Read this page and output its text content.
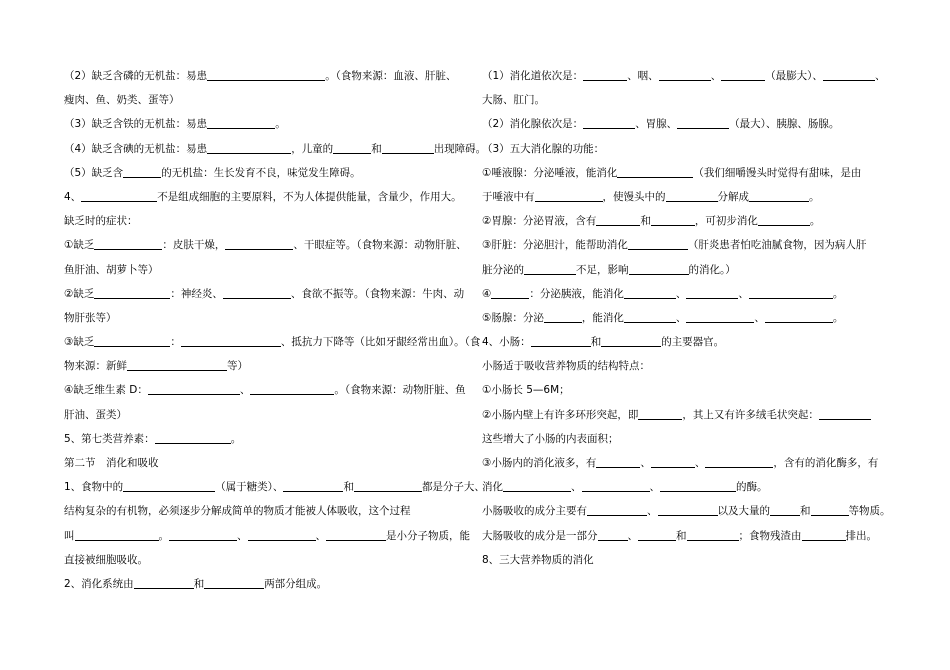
（2）缺乏含磷的无机盐：易患	。（食物来源：血液、肝脏、
瘦肉、鱼、奶类、蛋等）
（3）缺乏含铁的无机盐：易患	。
（4）缺乏含碘的无机盐：易患	，儿童的	和	出现障碍。
（5）缺乏含	的无机盐：生长发育不良，味觉发生障碍。
4、	不是组成细胞的主要原料，不为人体提供能量，含量少，作用大。
缺乏时的症状：
①缺乏	：皮肤干燥，	、干眼症等。（食物来源：动物肝脏、
鱼肝油、胡萝卜等）
②缺乏	：神经炎、	、食欲不振等。（食物来源：牛肉、动
物肝张等）
③缺乏	：	、抵抗力下降等（比如牙龈经常出血）。（食
物来源：新鲜	等）
④缺乏维生素 D：	、	。（食物来源：动物肝脏、鱼
肝油、蛋类）
5、第七类营养素：	。
第二节　消化和吸收
1、食物中的	（属于糖类）、	和	都是分子大、
结构复杂的有机物，必须逐步分解成简单的物质才能被人体吸收，这个过程
叫	。	、	、	是小分子物质，能
直接被细胞吸收。
2、消化系统由	和	两部分组成。
（1）消化道依次是：	、咽、	、	（最膨大）、	、
大肠、肛门。
（2）消化腺依次是：	、胃腺、	（最大）、胰腺、肠腺。
（3）五大消化腺的功能：
①唾液腺：分泌唾液，能消化	（我们细嚼馒头时觉得有甜味，是由
于唾液中有	，使馒头中的	分解成	。
②胃腺：分泌胃液，含有	和	，可初步消化	。
③肝脏：分泌胆汁，能帮助消化	（肝炎患者怕吃油腻食物，因为病人肝
脏分泌的	不足，影响	的消化。）
④	：分泌胰液，能消化	、	、	。
⑤肠腺：分泌	，能消化	、	、	。
4、小肠：	和	的主要器官。
小肠适于吸收营养物质的结构特点：
①小肠长 5—6M；
②小肠内壁上有许多环形突起，即	，其上又有许多绒毛状突起：
这些增大了小肠的内表面积；
③小肠内的消化液多，有	、	、	，含有的消化酶多，有
消化	、	、	的酶。
小肠吸收的成分主要有	、	以及大量的	和	等物质。
大肠吸收的成分是一部分	、	和	；食物残渣由	排出。
8、三大营养物质的消化
